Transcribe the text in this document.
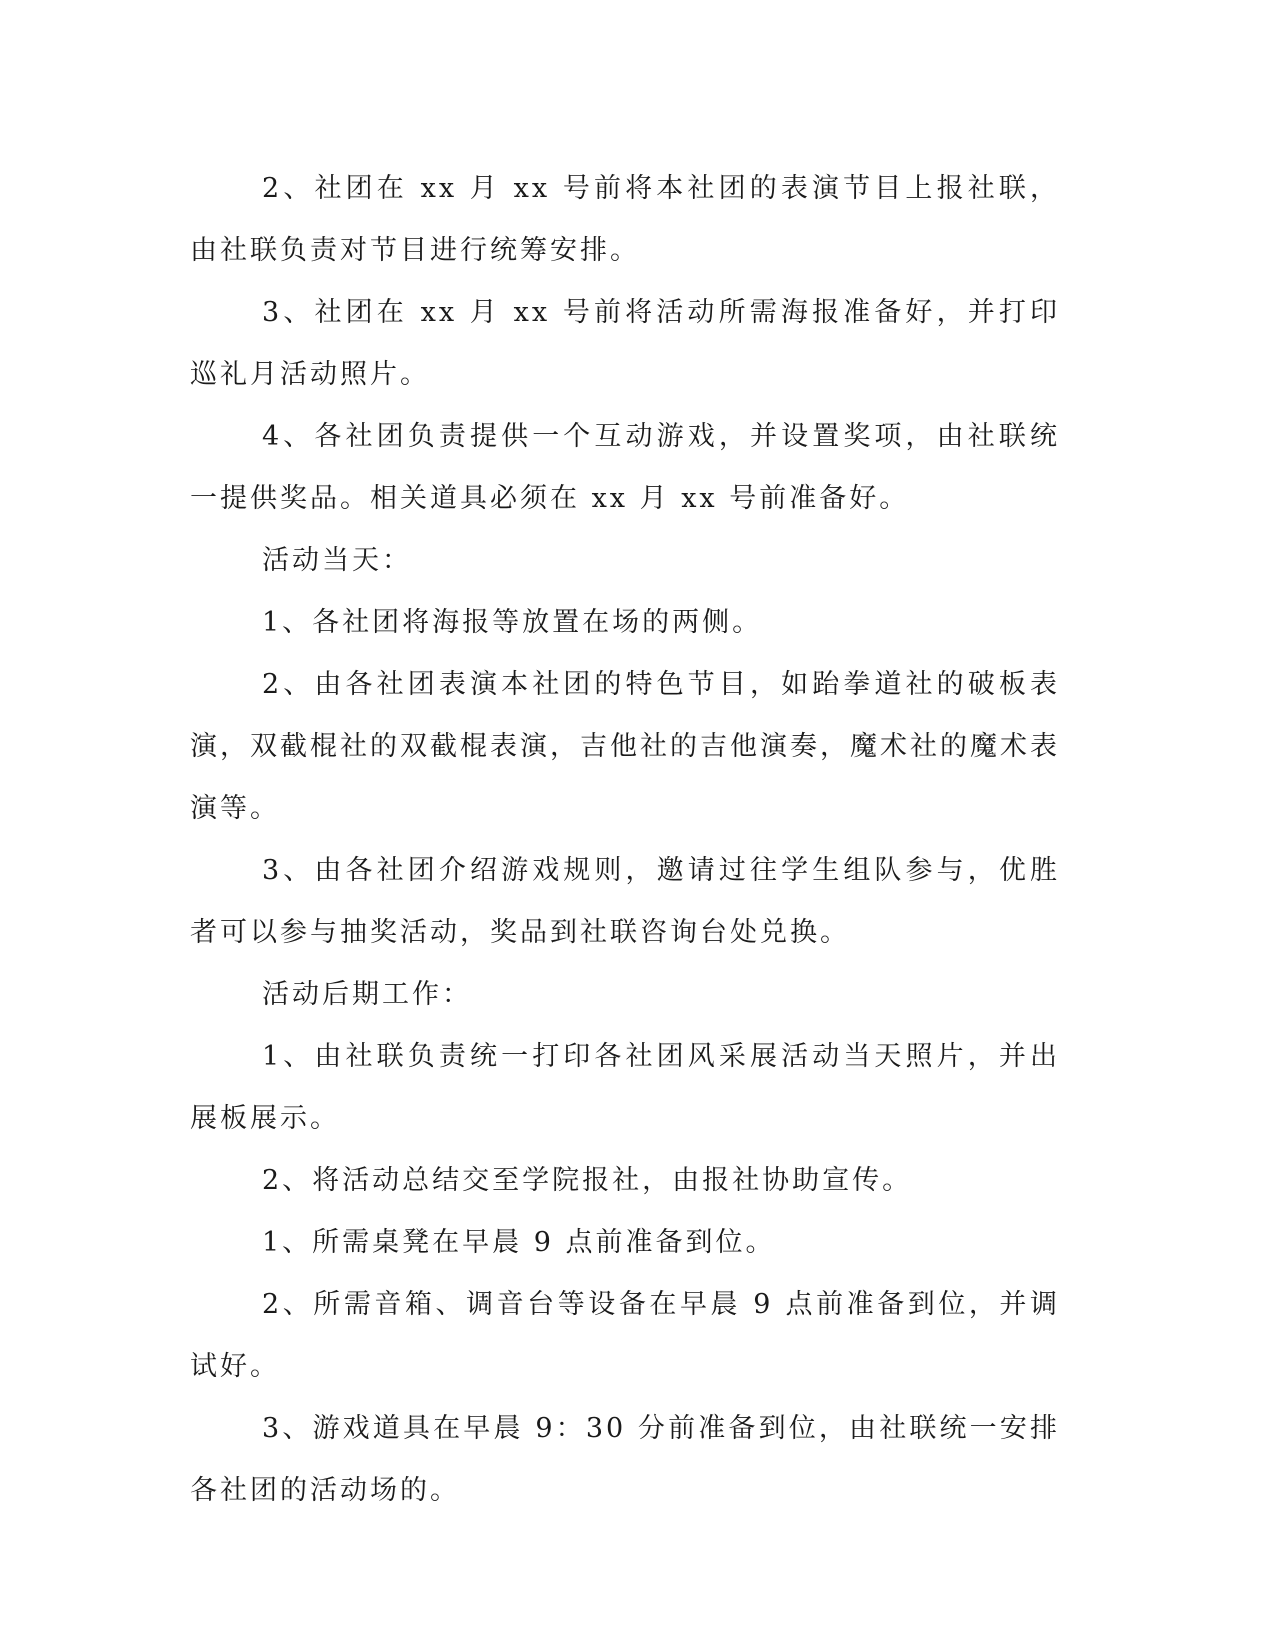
2、社团在 xx 月 xx 号前将本社团的表演节目上报社联，由社联负责对节目进行统筹安排。

3、社团在 xx 月 xx 号前将活动所需海报准备好，并打印巡礼月活动照片。

4、各社团负责提供一个互动游戏，并设置奖项，由社联统一提供奖品。相关道具必须在 xx 月 xx 号前准备好。

活动当天：

1、各社团将海报等放置在场的两侧。

2、由各社团表演本社团的特色节目，如跆拳道社的破板表演，双截棍社的双截棍表演，吉他社的吉他演奏，魔术社的魔术表演等。

3、由各社团介绍游戏规则，邀请过往学生组队参与，优胜者可以参与抽奖活动，奖品到社联咨询台处兑换。

活动后期工作：

1、由社联负责统一打印各社团风采展活动当天照片，并出展板展示。

2、将活动总结交至学院报社，由报社协助宣传。

1、所需桌凳在早晨 9 点前准备到位。

2、所需音箱、调音台等设备在早晨 9 点前准备到位，并调试好。

3、游戏道具在早晨 9：30 分前准备到位，由社联统一安排各社团的活动场的。
